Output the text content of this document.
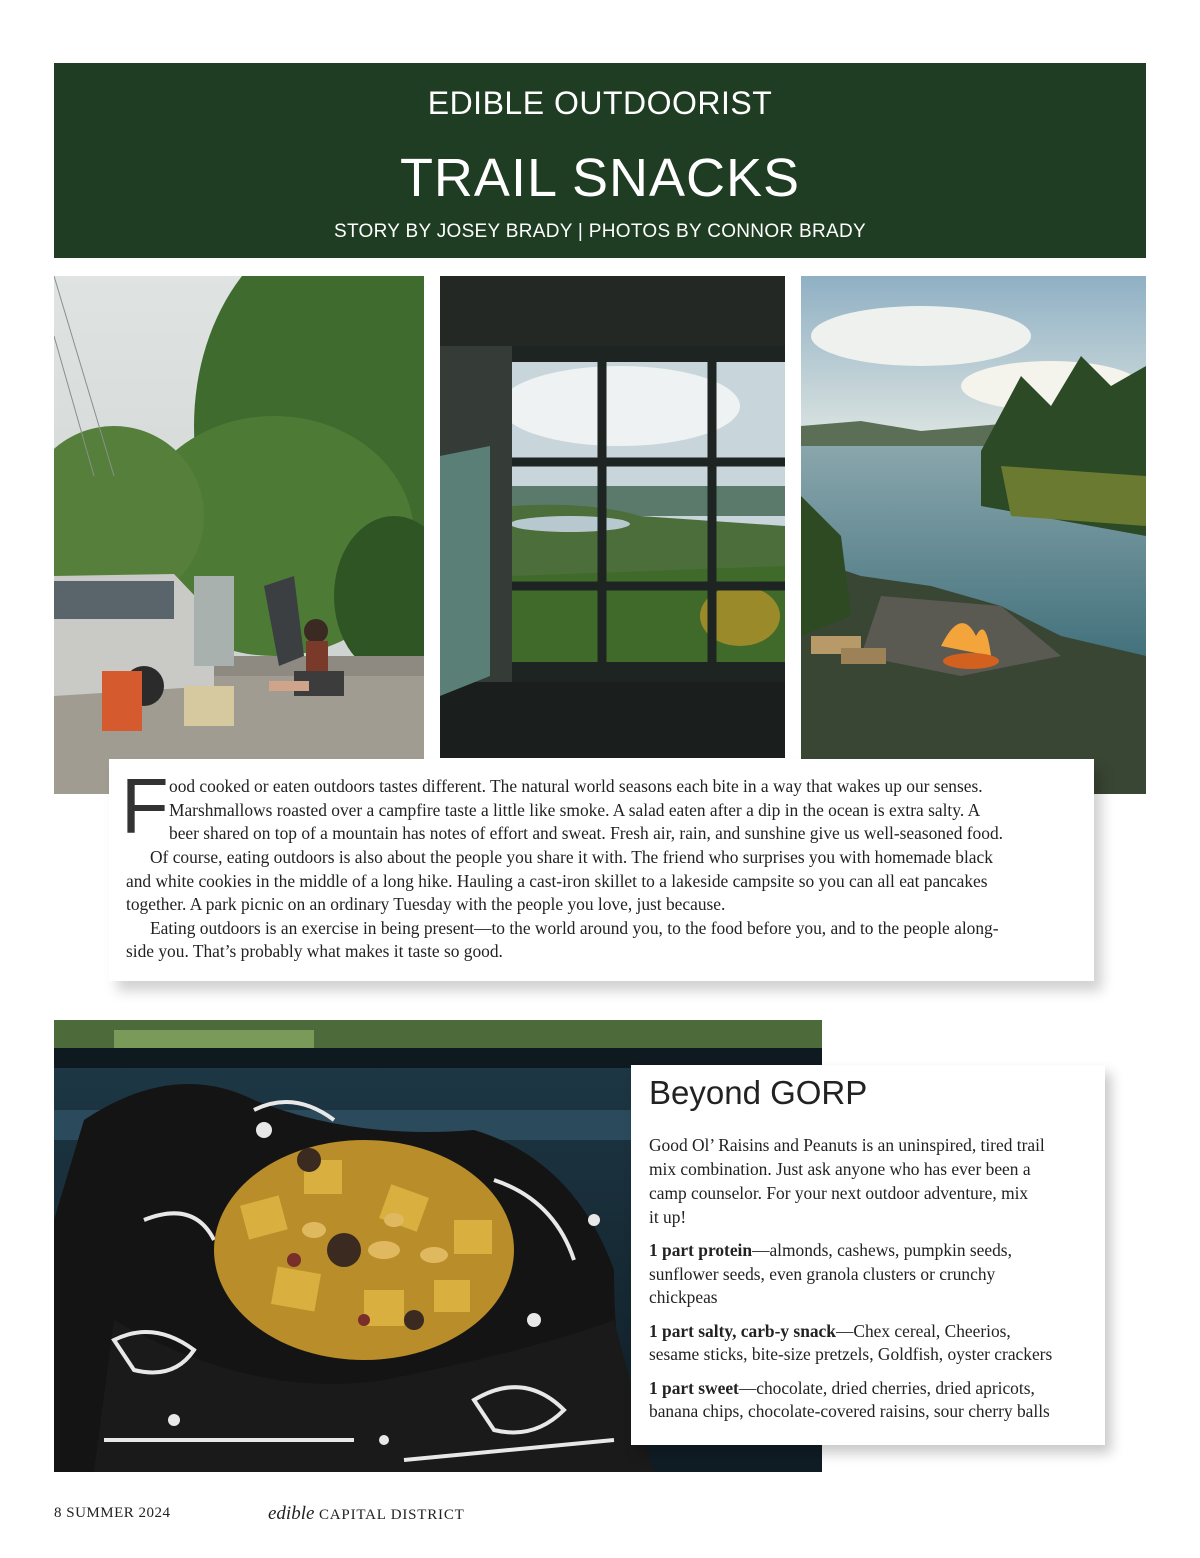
EDIBLE OUTDOORIST
TRAIL SNACKS
STORY BY JOSEY BRADY | PHOTOS BY CONNOR BRADY
F ood cooked or eaten outdoors tastes different. The natural world seasons each bite in a way that wakes up our senses.
Marshmallows roasted over a campfire taste a little like smoke. A salad eaten after a dip in the ocean is extra salty. A
beer shared on top of a mountain has notes of effort and sweat. Fresh air, rain, and sunshine give us well-seasoned food.
Of course, eating outdoors is also about the people you share it with. The friend who surprises you with homemade black
and white cookies in the middle of a long hike. Hauling a cast-iron skillet to a lakeside campsite so you can all eat pancakes
together. A park picnic on an ordinary Tuesday with the people you love, just because.
Eating outdoors is an exercise in being present—to the world around you, to the food before you, and to the people along-
side you. That’s probably what makes it taste so good.
Beyond GORP
Good Ol’ Raisins and Peanuts is an uninspired, tired trail
mix combination. Just ask anyone who has ever been a
camp counselor. For your next outdoor adventure, mix
it up!
1 part protein—almonds, cashews, pumpkin seeds,
sunflower seeds, even granola clusters or crunchy
chickpeas
1 part salty, carb-y snack—Chex cereal, Cheerios,
sesame sticks, bite-size pretzels, Goldfish, oyster crackers
1 part sweet—chocolate, dried cherries, dried apricots,
banana chips, chocolate-covered raisins, sour cherry balls
8 SUMMER 2024	edible CAPITAL DISTRICT
